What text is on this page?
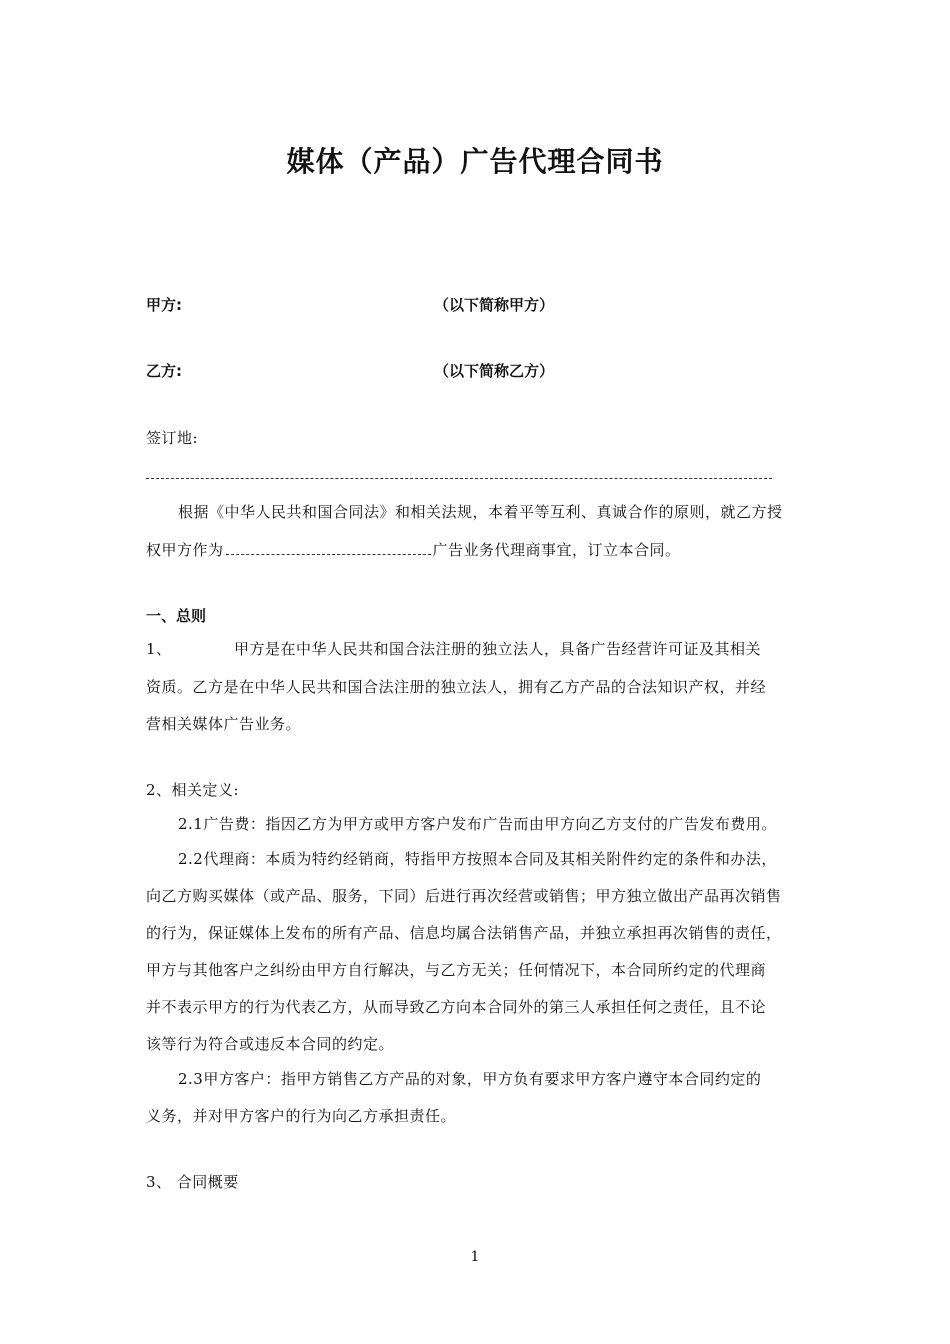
媒体（产品）广告代理合同书
甲方:	（以下简称甲方）
乙方:	（以下简称乙方）
签订地:
根据《中华人民共和国合同法》和相关法规，本着平等互利、真诚合作的原则，就乙方授
权甲方作为	广告业务代理商事宜，订立本合同。
一、总则
1、	甲方是在中华人民共和国合法注册的独立法人，具备广告经营许可证及其相关
资质。乙方是在中华人民共和国合法注册的独立法人，拥有乙方产品的合法知识产权，并经
营相关媒体广告业务。
2、相关定义:
2.1广告费：指因乙方为甲方或甲方客户发布广告而由甲方向乙方支付的广告发布费用。
2.2代理商：本质为特约经销商，特指甲方按照本合同及其相关附件约定的条件和办法，
向乙方购买媒体（或产品、服务，下同）后进行再次经营或销售；甲方独立做出产品再次销售
的行为，保证媒体上发布的所有产品、信息均属合法销售产品，并独立承担再次销售的责任，
甲方与其他客户之纠纷由甲方自行解决，与乙方无关；任何情况下，本合同所约定的代理商
并不表示甲方的行为代表乙方，从而导致乙方向本合同外的第三人承担任何之责任，且不论
该等行为符合或违反本合同的约定。
2.3甲方客户：指甲方销售乙方产品的对象，甲方负有要求甲方客户遵守本合同约定的
义务，并对甲方客户的行为向乙方承担责任。
3、 合同概要
1
